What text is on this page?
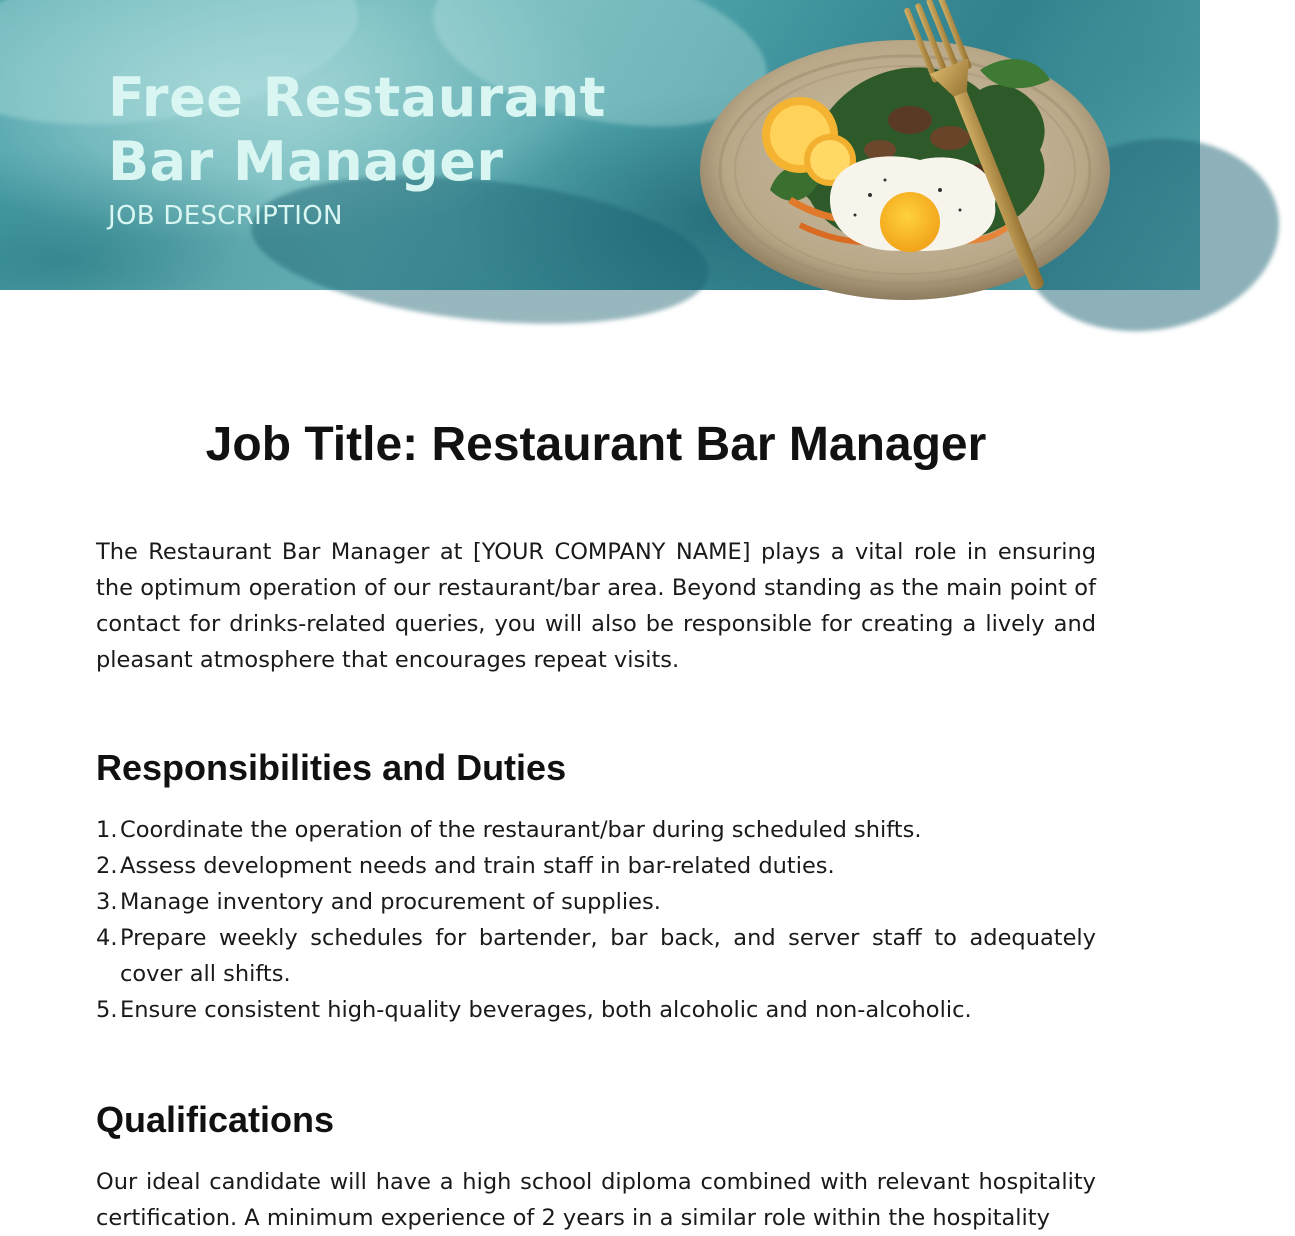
Free Restaurant
Bar Manager

JOB DESCRIPTION

Job Title: Restaurant Bar Manager

The Restaurant Bar Manager at [YOUR COMPANY NAME] plays a vital role in ensuring the optimum operation of our restaurant/bar area. Beyond standing as the main point of contact for drinks-related queries, you will also be responsible for creating a lively and pleasant atmosphere that encourages repeat visits.

Responsibilities and Duties
1. Coordinate the operation of the restaurant/bar during scheduled shifts.
2. Assess development needs and train staff in bar-related duties.
3. Manage inventory and procurement of supplies.
4. Prepare weekly schedules for bartender, bar back, and server staff to adequately cover all shifts.
5. Ensure consistent high-quality beverages, both alcoholic and non-alcoholic.
Qualifications

Our ideal candidate will have a high school diploma combined with relevant hospitality certification. A minimum experience of 2 years in a similar role within the hospitality
